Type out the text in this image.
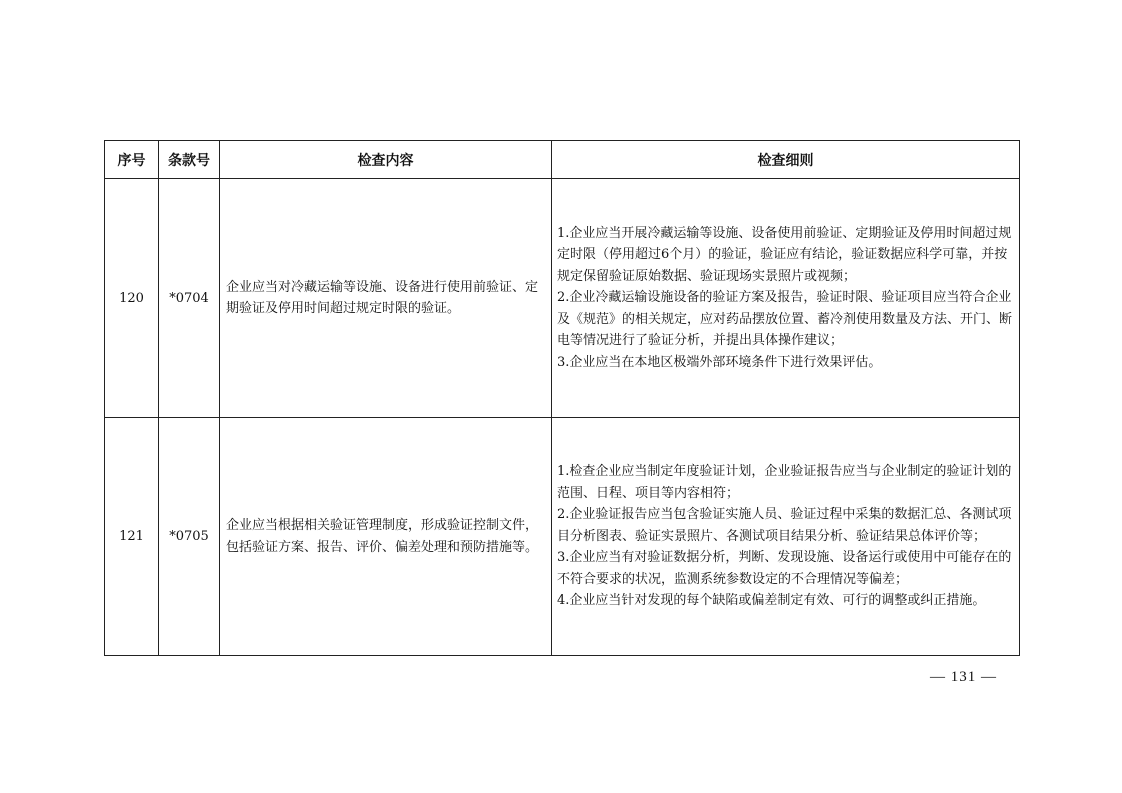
序号	条款号	检查内容	检查细则
120	*0704	企业应当对冷藏运输等设施、设备进行使用前验证、定期验证及停用时间超过规定时限的验证。	1.企业应当开展冷藏运输等设施、设备使用前验证、定期验证及停用时间超过规定时限（停用超过6个月）的验证，验证应有结论，验证数据应科学可靠，并按规定保留验证原始数据、验证现场实景照片或视频；
2.企业冷藏运输设施设备的验证方案及报告，验证时限、验证项目应当符合企业及《规范》的相关规定，应对药品摆放位置、蓄冷剂使用数量及方法、开门、断电等情况进行了验证分析，并提出具体操作建议；
3.企业应当在本地区极端外部环境条件下进行效果评估。

121	*0705	企业应当根据相关验证管理制度，形成验证控制文件，包括验证方案、报告、评价、偏差处理和预防措施等。	1.检查企业应当制定年度验证计划，企业验证报告应当与企业制定的验证计划的范围、日程、项目等内容相符；
2.企业验证报告应当包含验证实施人员、验证过程中采集的数据汇总、各测试项目分析图表、验证实景照片、各测试项目结果分析、验证结果总体评价等；
3.企业应当有对验证数据分析，判断、发现设施、设备运行或使用中可能存在的不符合要求的状况，监测系统参数设定的不合理情况等偏差；
4.企业应当针对发现的每个缺陷或偏差制定有效、可行的调整或纠正措施。
— 131 —
